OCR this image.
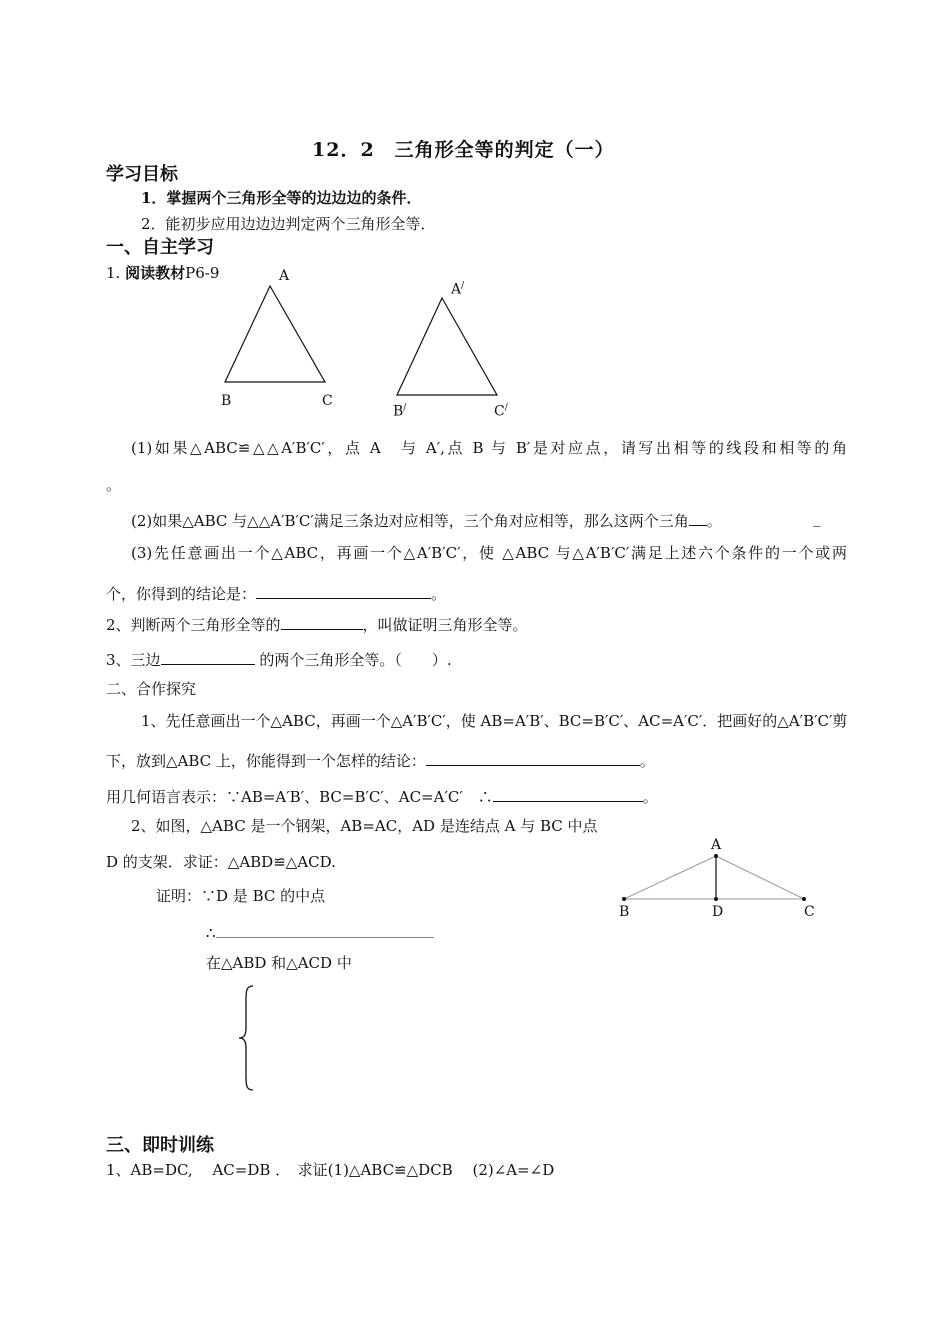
12．2　三角形全等的判定（一）
学习目标
1．掌握两个三角形全等的边边边的条件．
2．能初步应用边边边判定两个三角形全等．
一、自主学习
1. 阅读教材P6-9	A
B	C
A/
B/	C/
(1)如果△ABC≌△△A′B′C′，点 A　与 A′,点 B 与 B′是对应点，请写出相等的线段和相等的角
。
(2)如果△ABC 与△△A′B′C′满足三条边对应相等，三个角对应相等，那么这两个三角 。	_
(3)先任意画出一个△ABC，再画一个△A′B′C′，使 △ABC 与△A′B′C′满足上述六个条件的一个或两
个，你得到的结论是：	。
2、判断两个三角形全等的	，叫做证明三角形全等。
3、三边	的两个三角形全等。（　　）.
二、合作探究
1、先任意画出一个△ABC，再画一个△A′B′C′，使 AB=A′B′、BC=B′C′、AC=A′C′．把画好的△A′B′C′剪
下，放到△ABC 上，你能得到一个怎样的结论：	。
用几何语言表示：∵AB=A′B′、BC=B′C′、AC=A′C′　∴	。
2、如图，△ABC 是一个钢架，AB=AC，AD 是连结点 A 与 BC 中点
D 的支架．求证：△ABD≌△ACD.
证明：∵D 是 BC 的中点
∴
在△ABD 和△ACD 中
A
B	D	C
三、即时训练
1、AB=DC,　 AC=DB ．　求证(1)△ABC≌△DCB　 (2)∠A=∠D
